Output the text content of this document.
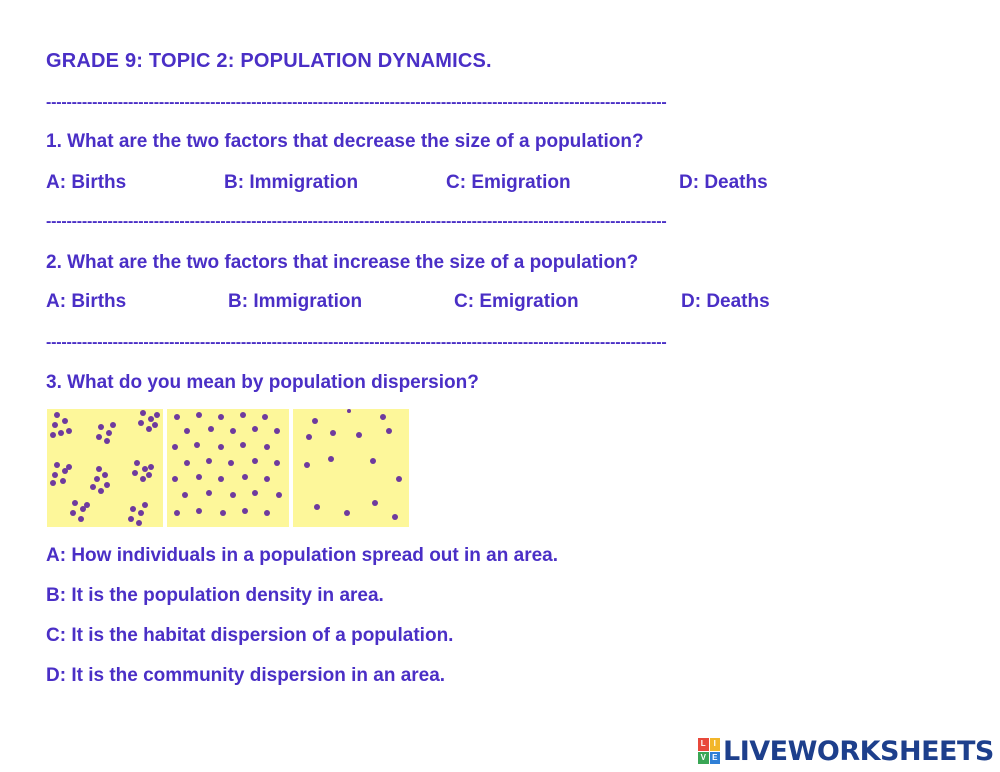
GRADE 9: TOPIC 2: POPULATION DYNAMICS.
-------------------------------------------------------------------------------------------------------------------------
1. What are the two factors that decrease the size of a population?
A: Births	B: Immigration	C: Emigration	D: Deaths
-------------------------------------------------------------------------------------------------------------------------
2. What are the two factors that increase the size of a population?
A: Births	B: Immigration	C: Emigration	D: Deaths
-------------------------------------------------------------------------------------------------------------------------
3. What do you mean by population dispersion?
A: How individuals in a population spread out in an area.
B: It is the population density in area.
C: It is the habitat dispersion of a population.
D: It is the community dispersion in an area.
L I
V E LIVEWORKSHEETS
